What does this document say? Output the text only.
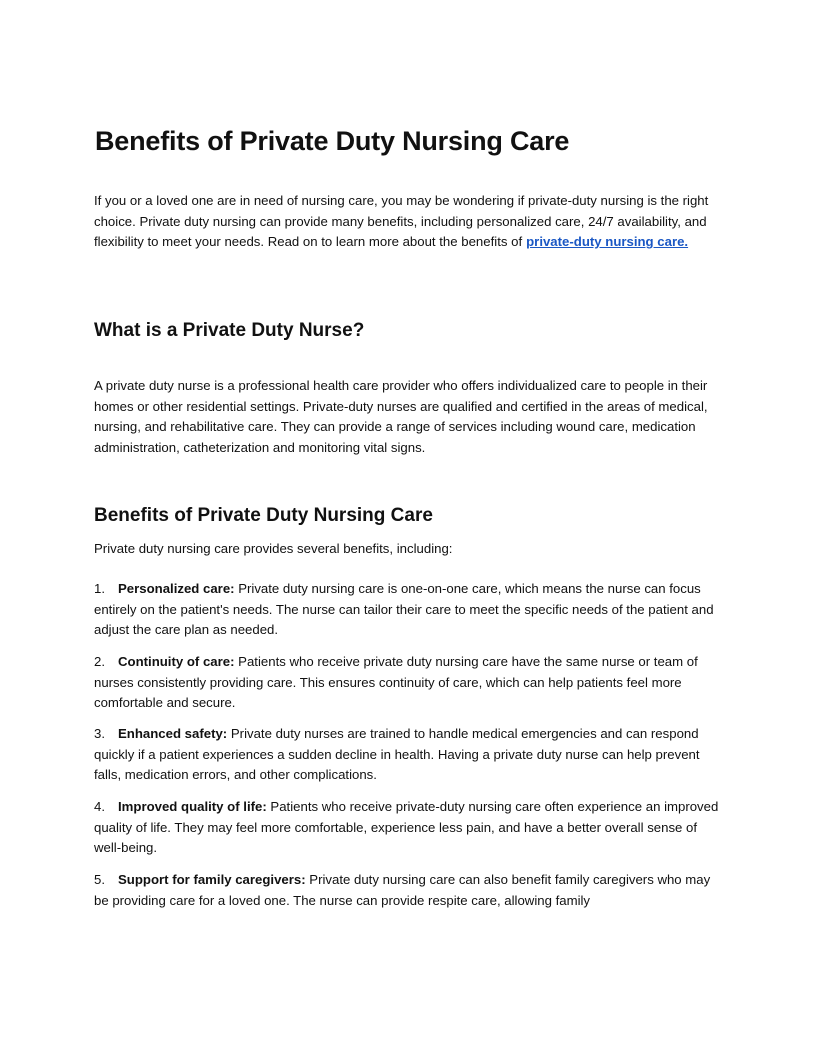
Benefits of Private Duty Nursing Care

If you or a loved one are in need of nursing care, you may be wondering if private-duty nursing is the right choice. Private duty nursing can provide many benefits, including personalized care, 24/7 availability, and flexibility to meet your needs. Read on to learn more about the benefits of private-duty nursing care.

What is a Private Duty Nurse?

A private duty nurse is a professional health care provider who offers individualized care to people in their homes or other residential settings. Private-duty nurses are qualified and certified in the areas of medical, nursing, and rehabilitative care. They can provide a range of services including wound care, medication administration, catheterization and monitoring vital signs.

Benefits of Private Duty Nursing Care

Private duty nursing care provides several benefits, including:

1. Personalized care: Private duty nursing care is one-on-one care, which means the nurse can focus entirely on the patient's needs. The nurse can tailor their care to meet the specific needs of the patient and adjust the care plan as needed.

2. Continuity of care: Patients who receive private duty nursing care have the same nurse or team of nurses consistently providing care. This ensures continuity of care, which can help patients feel more comfortable and secure.

3. Enhanced safety: Private duty nurses are trained to handle medical emergencies and can respond quickly if a patient experiences a sudden decline in health. Having a private duty nurse can help prevent falls, medication errors, and other complications.

4. Improved quality of life: Patients who receive private-duty nursing care often experience an improved quality of life. They may feel more comfortable, experience less pain, and have a better overall sense of well-being.

5. Support for family caregivers: Private duty nursing care can also benefit family caregivers who may be providing care for a loved one. The nurse can provide respite care, allowing family
